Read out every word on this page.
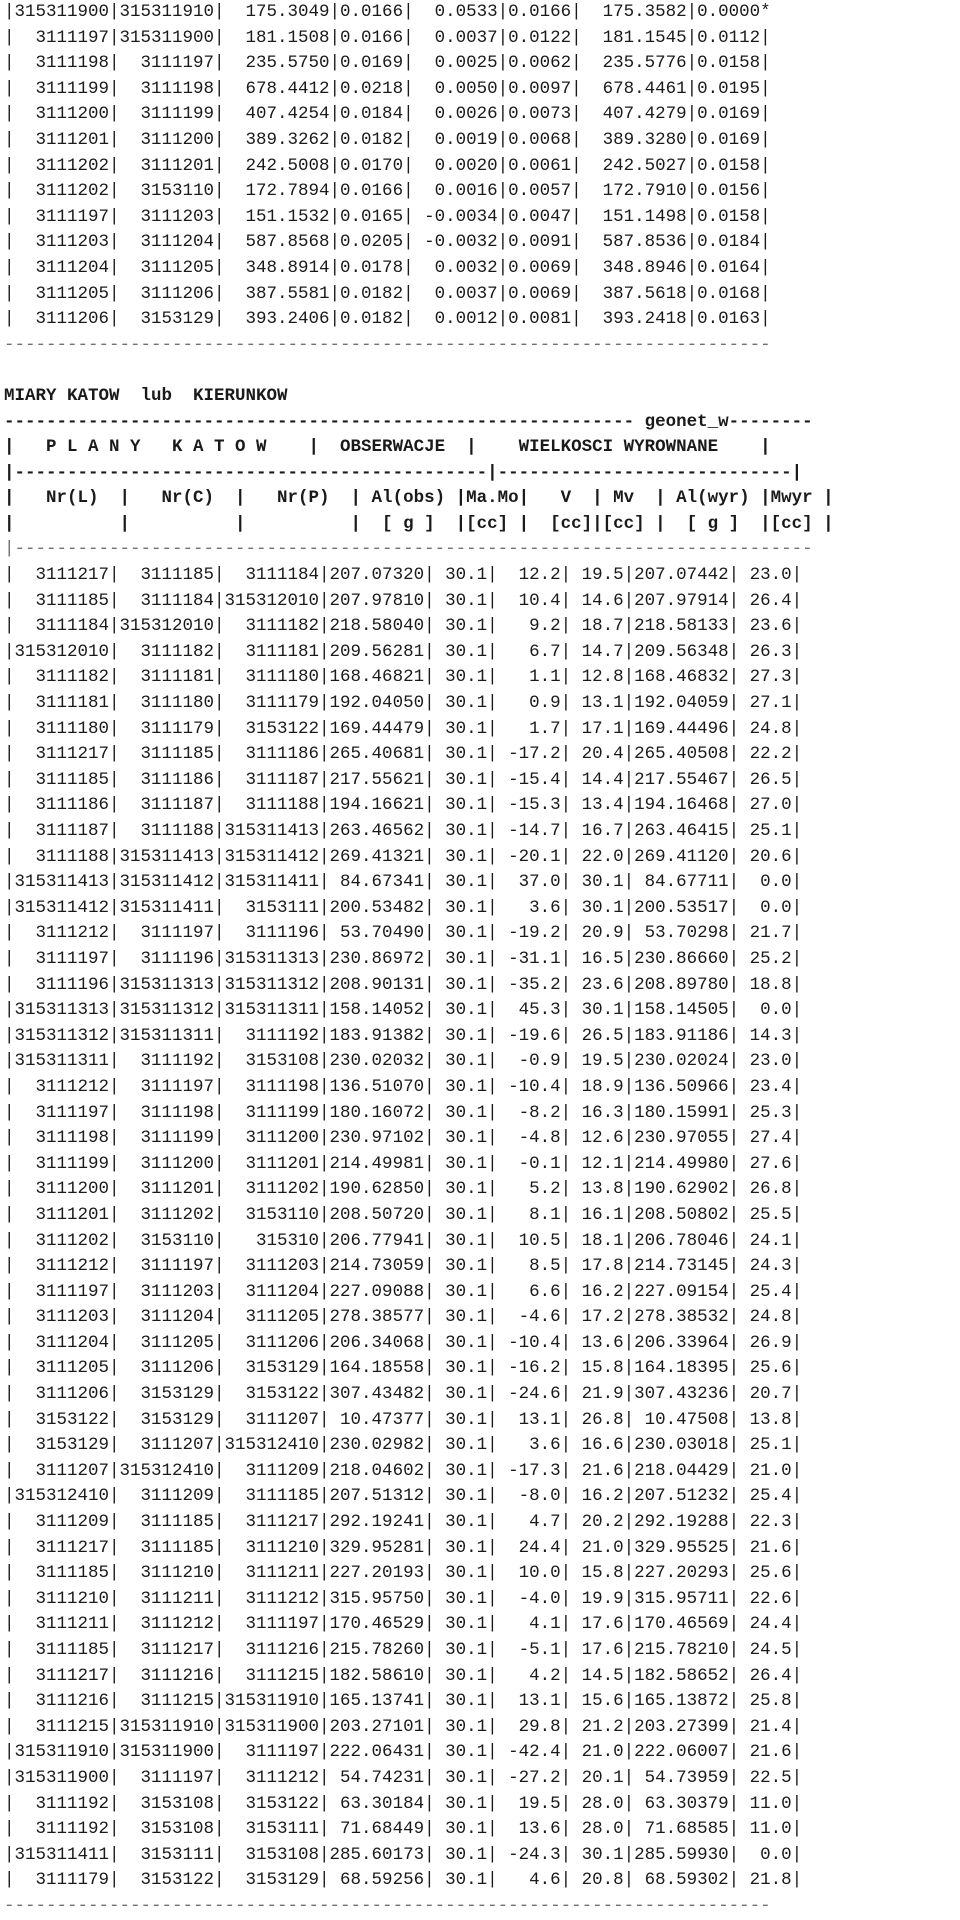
|315311900|315311910|  175.3049|0.0166|  0.0533|0.0166|  175.3582|0.0000*
|  3111197|315311900|  181.1508|0.0166|  0.0037|0.0122|  181.1545|0.0112|
|  3111198|  3111197|  235.5750|0.0169|  0.0025|0.0062|  235.5776|0.0158|
|  3111199|  3111198|  678.4412|0.0218|  0.0050|0.0097|  678.4461|0.0195|
|  3111200|  3111199|  407.4254|0.0184|  0.0026|0.0073|  407.4279|0.0169|
|  3111201|  3111200|  389.3262|0.0182|  0.0019|0.0068|  389.3280|0.0169|
|  3111202|  3111201|  242.5008|0.0170|  0.0020|0.0061|  242.5027|0.0158|
|  3111202|  3153110|  172.7894|0.0166|  0.0016|0.0057|  172.7910|0.0156|
|  3111197|  3111203|  151.1532|0.0165| -0.0034|0.0047|  151.1498|0.0158|
|  3111203|  3111204|  587.8568|0.0205| -0.0032|0.0091|  587.8536|0.0184|
|  3111204|  3111205|  348.8914|0.0178|  0.0032|0.0069|  348.8946|0.0164|
|  3111205|  3111206|  387.5581|0.0182|  0.0037|0.0069|  387.5618|0.0168|
|  3111206|  3153129|  393.2406|0.0182|  0.0012|0.0081|  393.2418|0.0163|
-------------------------------------------------------------------------
MIARY KATOW  lub  KIERUNKOW
------------------------------------------------------------ geonet_w--------
|   P L A N Y   K A T O W    |  OBSERWACJE  |    WIELKOSCI WYROWNANE    |
|---------------------------------------------|----------------------------|
|   Nr(L)  |   Nr(C)  |   Nr(P)  | Al(obs) |Ma.Mo|   V  | Mv  | Al(wyr) |Mwyr |
|          |          |          |  [ g ]  |[cc] |  [cc]|[cc] |  [ g ]  |[cc] |
|----------------------------------------------------------------------------
|  3111217|  3111185|  3111184|207.07320| 30.1|  12.2| 19.5|207.07442| 23.0|
|  3111185|  3111184|315312010|207.97810| 30.1|  10.4| 14.6|207.97914| 26.4|
|  3111184|315312010|  3111182|218.58040| 30.1|   9.2| 18.7|218.58133| 23.6|
|315312010|  3111182|  3111181|209.56281| 30.1|   6.7| 14.7|209.56348| 26.3|
|  3111182|  3111181|  3111180|168.46821| 30.1|   1.1| 12.8|168.46832| 27.3|
|  3111181|  3111180|  3111179|192.04050| 30.1|   0.9| 13.1|192.04059| 27.1|
|  3111180|  3111179|  3153122|169.44479| 30.1|   1.7| 17.1|169.44496| 24.8|
|  3111217|  3111185|  3111186|265.40681| 30.1| -17.2| 20.4|265.40508| 22.2|
|  3111185|  3111186|  3111187|217.55621| 30.1| -15.4| 14.4|217.55467| 26.5|
|  3111186|  3111187|  3111188|194.16621| 30.1| -15.3| 13.4|194.16468| 27.0|
|  3111187|  3111188|315311413|263.46562| 30.1| -14.7| 16.7|263.46415| 25.1|
|  3111188|315311413|315311412|269.41321| 30.1| -20.1| 22.0|269.41120| 20.6|
|315311413|315311412|315311411| 84.67341| 30.1|  37.0| 30.1| 84.67711|  0.0|
|315311412|315311411|  3153111|200.53482| 30.1|   3.6| 30.1|200.53517|  0.0|
|  3111212|  3111197|  3111196| 53.70490| 30.1| -19.2| 20.9| 53.70298| 21.7|
|  3111197|  3111196|315311313|230.86972| 30.1| -31.1| 16.5|230.86660| 25.2|
|  3111196|315311313|315311312|208.90131| 30.1| -35.2| 23.6|208.89780| 18.8|
|315311313|315311312|315311311|158.14052| 30.1|  45.3| 30.1|158.14505|  0.0|
|315311312|315311311|  3111192|183.91382| 30.1| -19.6| 26.5|183.91186| 14.3|
|315311311|  3111192|  3153108|230.02032| 30.1|  -0.9| 19.5|230.02024| 23.0|
|  3111212|  3111197|  3111198|136.51070| 30.1| -10.4| 18.9|136.50966| 23.4|
|  3111197|  3111198|  3111199|180.16072| 30.1|  -8.2| 16.3|180.15991| 25.3|
|  3111198|  3111199|  3111200|230.97102| 30.1|  -4.8| 12.6|230.97055| 27.4|
|  3111199|  3111200|  3111201|214.49981| 30.1|  -0.1| 12.1|214.49980| 27.6|
|  3111200|  3111201|  3111202|190.62850| 30.1|   5.2| 13.8|190.62902| 26.8|
|  3111201|  3111202|  3153110|208.50720| 30.1|   8.1| 16.1|208.50802| 25.5|
|  3111202|  3153110|   315310|206.77941| 30.1|  10.5| 18.1|206.78046| 24.1|
|  3111212|  3111197|  3111203|214.73059| 30.1|   8.5| 17.8|214.73145| 24.3|
|  3111197|  3111203|  3111204|227.09088| 30.1|   6.6| 16.2|227.09154| 25.4|
|  3111203|  3111204|  3111205|278.38577| 30.1|  -4.6| 17.2|278.38532| 24.8|
|  3111204|  3111205|  3111206|206.34068| 30.1| -10.4| 13.6|206.33964| 26.9|
|  3111205|  3111206|  3153129|164.18558| 30.1| -16.2| 15.8|164.18395| 25.6|
|  3111206|  3153129|  3153122|307.43482| 30.1| -24.6| 21.9|307.43236| 20.7|
|  3153122|  3153129|  3111207| 10.47377| 30.1|  13.1| 26.8| 10.47508| 13.8|
|  3153129|  3111207|315312410|230.02982| 30.1|   3.6| 16.6|230.03018| 25.1|
|  3111207|315312410|  3111209|218.04602| 30.1| -17.3| 21.6|218.04429| 21.0|
|315312410|  3111209|  3111185|207.51312| 30.1|  -8.0| 16.2|207.51232| 25.4|
|  3111209|  3111185|  3111217|292.19241| 30.1|   4.7| 20.2|292.19288| 22.3|
|  3111217|  3111185|  3111210|329.95281| 30.1|  24.4| 21.0|329.95525| 21.6|
|  3111185|  3111210|  3111211|227.20193| 30.1|  10.0| 15.8|227.20293| 25.6|
|  3111210|  3111211|  3111212|315.95750| 30.1|  -4.0| 19.9|315.95711| 22.6|
|  3111211|  3111212|  3111197|170.46529| 30.1|   4.1| 17.6|170.46569| 24.4|
|  3111185|  3111217|  3111216|215.78260| 30.1|  -5.1| 17.6|215.78210| 24.5|
|  3111217|  3111216|  3111215|182.58610| 30.1|   4.2| 14.5|182.58652| 26.4|
|  3111216|  3111215|315311910|165.13741| 30.1|  13.1| 15.6|165.13872| 25.8|
|  3111215|315311910|315311900|203.27101| 30.1|  29.8| 21.2|203.27399| 21.4|
|315311910|315311900|  3111197|222.06431| 30.1| -42.4| 21.0|222.06007| 21.6|
|315311900|  3111197|  3111212| 54.74231| 30.1| -27.2| 20.1| 54.73959| 22.5|
|  3111192|  3153108|  3153122| 63.30184| 30.1|  19.5| 28.0| 63.30379| 11.0|
|  3111192|  3153108|  3153111| 71.68449| 30.1|  13.6| 28.0| 71.68585| 11.0|
|315311411|  3153111|  3153108|285.60173| 30.1| -24.3| 30.1|285.59930|  0.0|
|  3111179|  3153122|  3153129| 68.59256| 30.1|   4.6| 20.8| 68.59302| 21.8|
-------------------------------------------------------------------------
